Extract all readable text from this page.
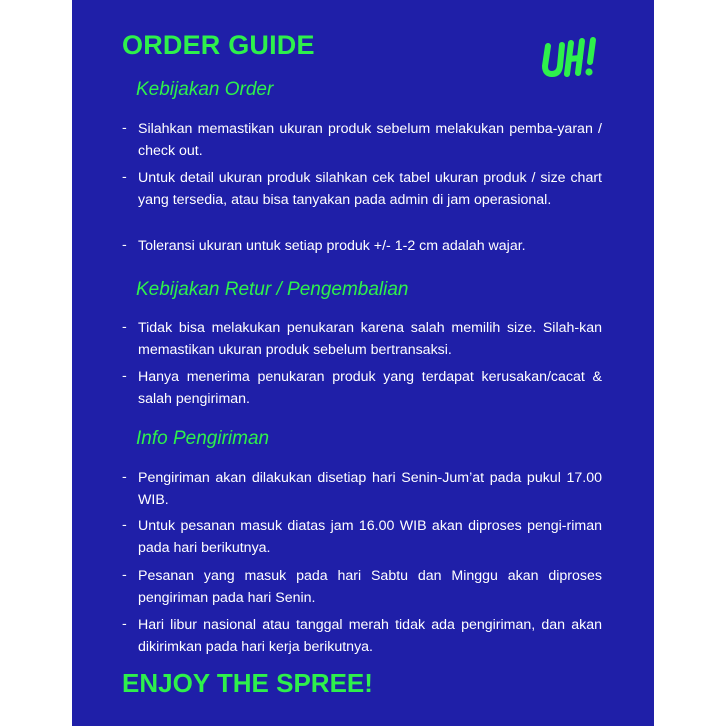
ORDER GUIDE
Kebijakan Order
- Silahkan memastikan ukuran produk sebelum melakukan pemba-yaran / check out.
- Untuk detail ukuran produk silahkan cek tabel ukuran produk / size chart yang tersedia, atau bisa tanyakan pada admin di jam operasional.
- Toleransi ukuran untuk setiap produk +/- 1-2 cm adalah wajar.
Kebijakan Retur / Pengembalian
- Tidak bisa melakukan penukaran karena salah memilih size. Silah-kan memastikan ukuran produk sebelum bertransaksi.
- Hanya menerima penukaran produk yang terdapat kerusakan/cacat & salah pengiriman.
Info Pengiriman
- Pengiriman akan dilakukan disetiap hari Senin-Jum’at pada pukul 17.00 WIB.
- Untuk pesanan masuk diatas jam 16.00 WIB akan diproses pengi-riman pada hari berikutnya.
- Pesanan yang masuk pada hari Sabtu dan Minggu akan diproses pengiriman pada hari Senin.
- Hari libur nasional atau tanggal merah tidak ada pengiriman, dan akan dikirimkan pada hari kerja berikutnya.
ENJOY THE SPREE!
